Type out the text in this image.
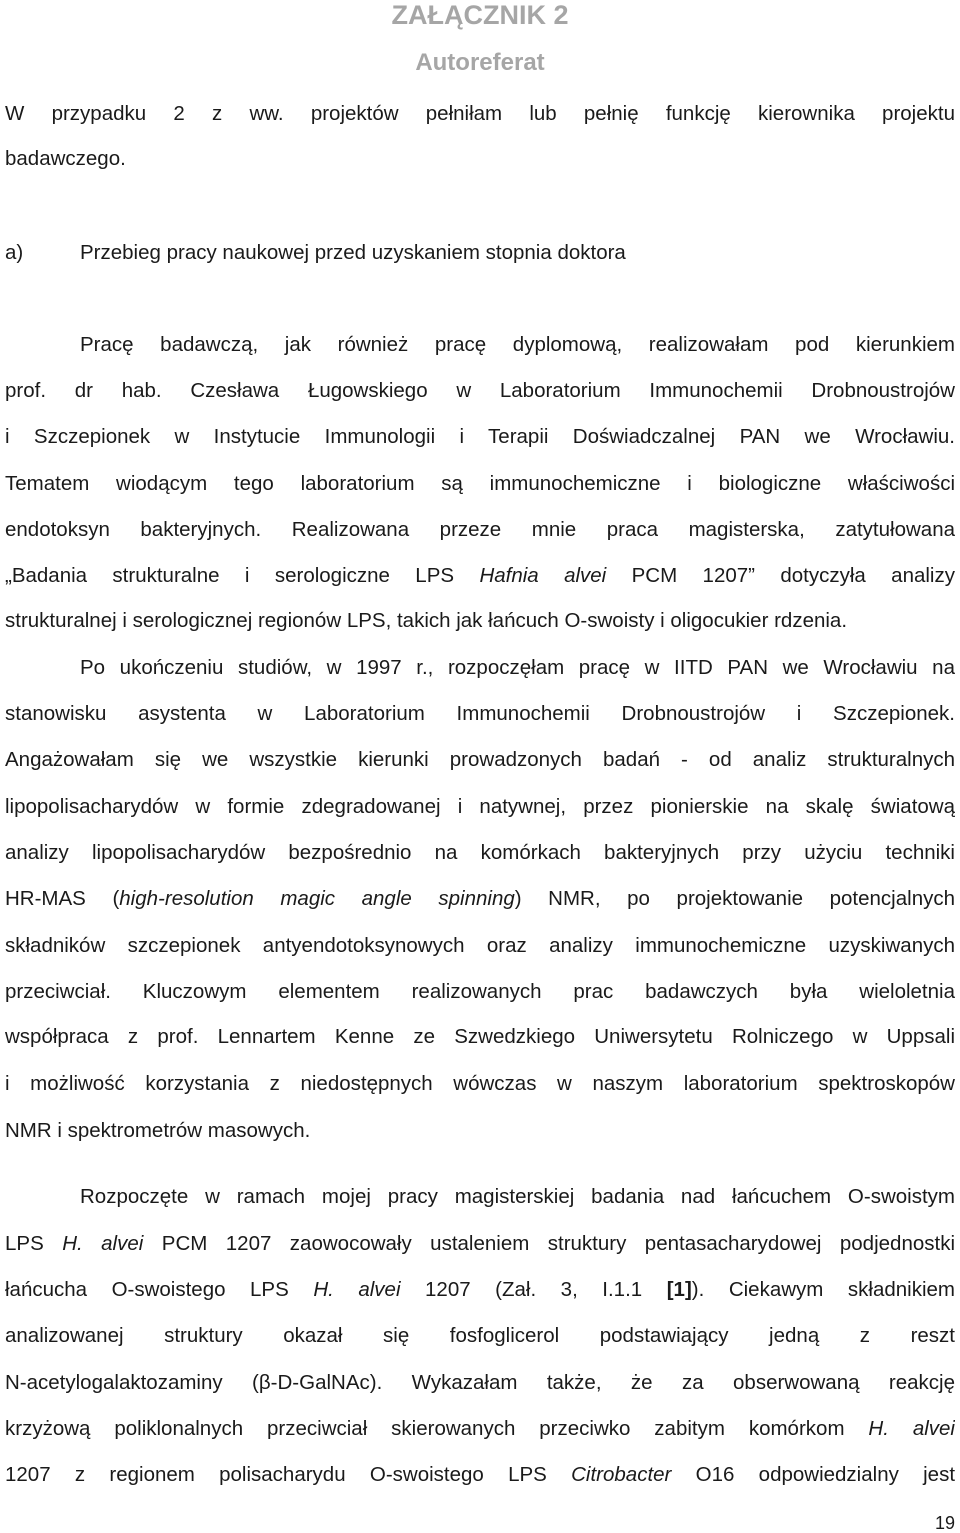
ZAŁĄCZNIK 2
Autoreferat
W przypadku 2 z ww. projektów pełniłam lub pełnię funkcję kierownika projektu
badawczego.
a)	Przebieg pracy naukowej przed uzyskaniem stopnia doktora
Pracę badawczą, jak również pracę dyplomową, realizowałam pod kierunkiem
prof. dr hab. Czesława Ługowskiego w Laboratorium Immunochemii Drobnoustrojów
i Szczepionek w Instytucie Immunologii i Terapii Doświadczalnej PAN we Wrocławiu.
Tematem wiodącym tego laboratorium są immunochemiczne i biologiczne właściwości
endotoksyn bakteryjnych. Realizowana przeze mnie praca magisterska, zatytułowana
„Badania strukturalne i serologiczne LPS Hafnia alvei PCM 1207” dotyczyła analizy
strukturalnej i serologicznej regionów LPS, takich jak łańcuch O-swoisty i oligocukier rdzenia.
Po ukończeniu studiów, w 1997 r., rozpoczęłam pracę w IITD PAN we Wrocławiu na
stanowisku asystenta w Laboratorium Immunochemii Drobnoustrojów i Szczepionek.
Angażowałam się we wszystkie kierunki prowadzonych badań - od analiz strukturalnych
lipopolisacharydów w formie zdegradowanej i natywnej, przez pionierskie na skalę światową
analizy lipopolisacharydów bezpośrednio na komórkach bakteryjnych przy użyciu techniki
HR-MAS (high-resolution magic angle spinning) NMR, po projektowanie potencjalnych
składników szczepionek antyendotoksynowych oraz analizy immunochemiczne uzyskiwanych
przeciwciał. Kluczowym elementem realizowanych prac badawczych była wieloletnia
współpraca z prof. Lennartem Kenne ze Szwedzkiego Uniwersytetu Rolniczego w Uppsali
i możliwość korzystania z niedostępnych wówczas w naszym laboratorium spektroskopów
NMR i spektrometrów masowych.
Rozpoczęte w ramach mojej pracy magisterskiej badania nad łańcuchem O-swoistym
LPS H. alvei PCM 1207 zaowocowały ustaleniem struktury pentasacharydowej podjednostki
łańcucha O-swoistego LPS H. alvei 1207 (Zał. 3, I.1.1 [1]). Ciekawym składnikiem
analizowanej struktury okazał się fosfoglicerol podstawiający jedną z reszt
N-acetylogalaktozaminy (β-D-GalNAc). Wykazałam także, że za obserwowaną reakcję
krzyżową poliklonalnych przeciwciał skierowanych przeciwko zabitym komórkom H. alvei
1207 z regionem polisacharydu O-swoistego LPS Citrobacter O16 odpowiedzialny jest
19
